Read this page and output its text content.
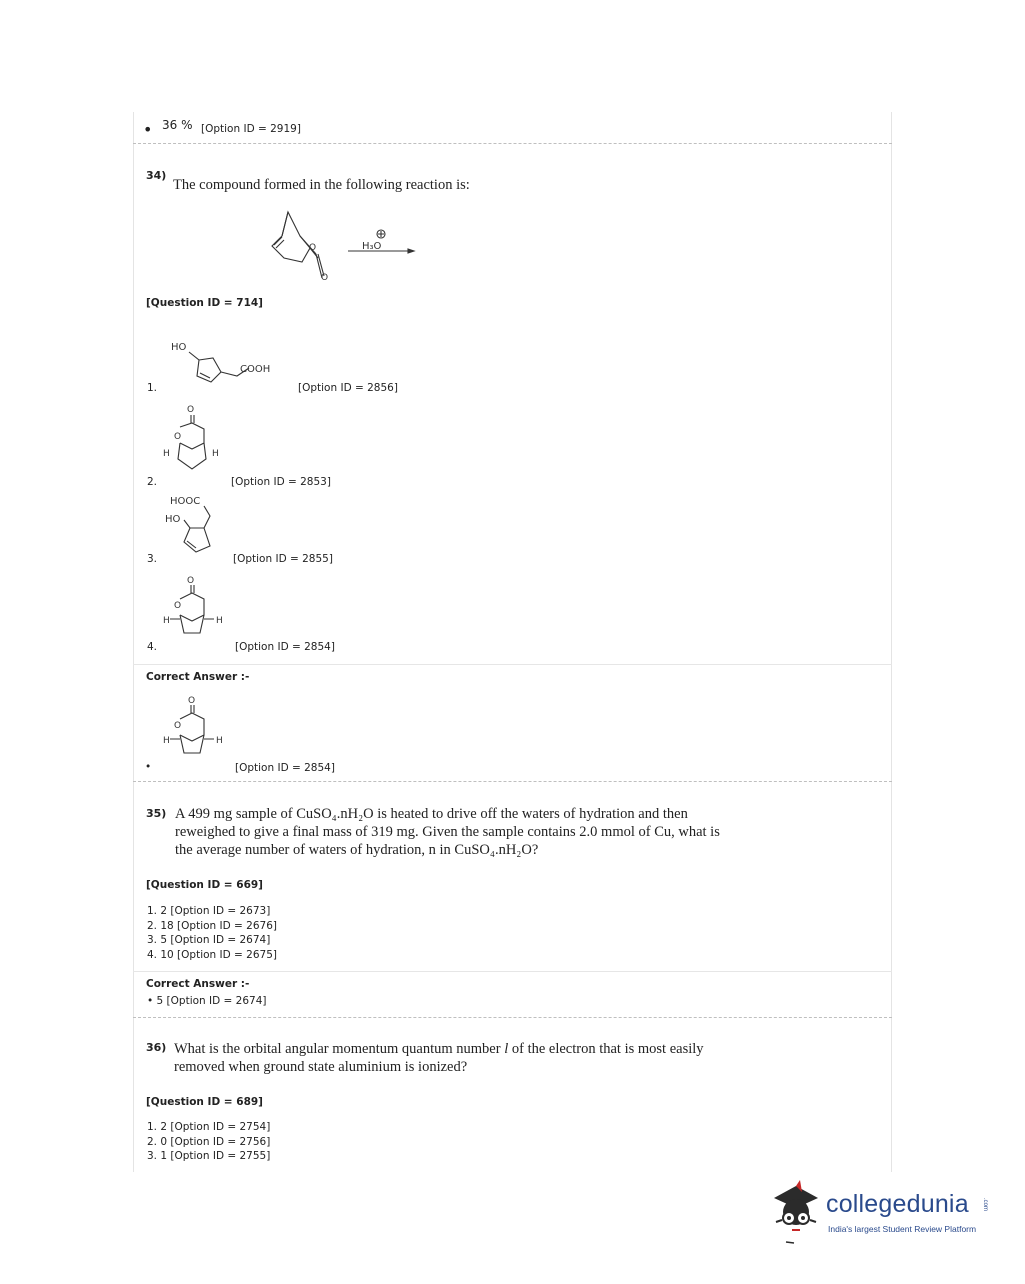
• 36 % [Option ID = 2919]
34)
The compound formed in the following reaction is:
O
O
H₃O
[Question ID = 714]
HO
COOH
1.	[Option ID = 2856]
O
O
H	H
2.	[Option ID = 2853]
HOOC
HO
3.	[Option ID = 2855]
O
O
H	H
4.	[Option ID = 2854]
Correct Answer :-
O
O
H	H
•	[Option ID = 2854]
35) A 499 mg sample of CuSO₄.nH₂O is heated to drive off the waters of hydration and then
reweighed to give a final mass of 319 mg. Given the sample contains 2.0 mmol of Cu, what is
the average number of waters of hydration, n in CuSO₄.nH₂O?
[Question ID = 669]
1. 2 [Option ID = 2673]
2. 18 [Option ID = 2676]
3. 5 [Option ID = 2674]
4. 10 [Option ID = 2675]
Correct Answer :-
• 5 [Option ID = 2674]
36) What is the orbital angular momentum quantum number l of the electron that is most easily
removed when ground state aluminium is ionized?
[Question ID = 689]
1. 2 [Option ID = 2754]
2. 0 [Option ID = 2756]
3. 1 [Option ID = 2755]
collegedunia .com
India's largest Student Review Platform
